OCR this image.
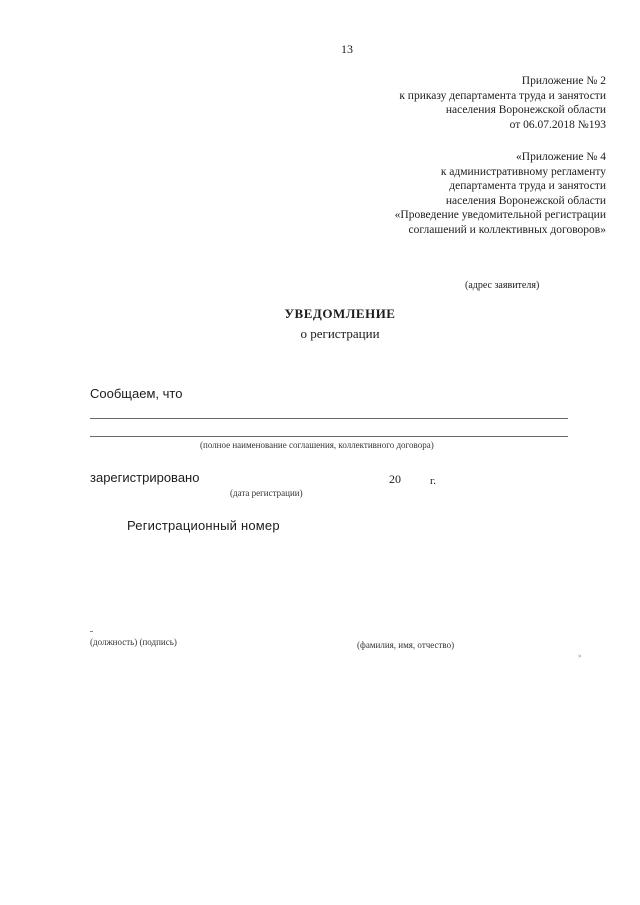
13
Приложение № 2
к приказу департамента труда и занятости
населения Воронежской области
от 06.07.2018 №193
«Приложение № 4
к административному регламенту
департамента труда и занятости
населения Воронежской области
«Проведение уведомительной регистрации
соглашений и коллективных договоров»
(адрес заявителя)
УВЕДОМЛЕНИЕ
о регистрации
Сообщаем, что
(полное наименование соглашения, коллективного договора)
зарегистрировано	20	г.
(дата регистрации)
Регистрационный номер
(должность) (подпись)	(фамилия, имя, отчество)
»
